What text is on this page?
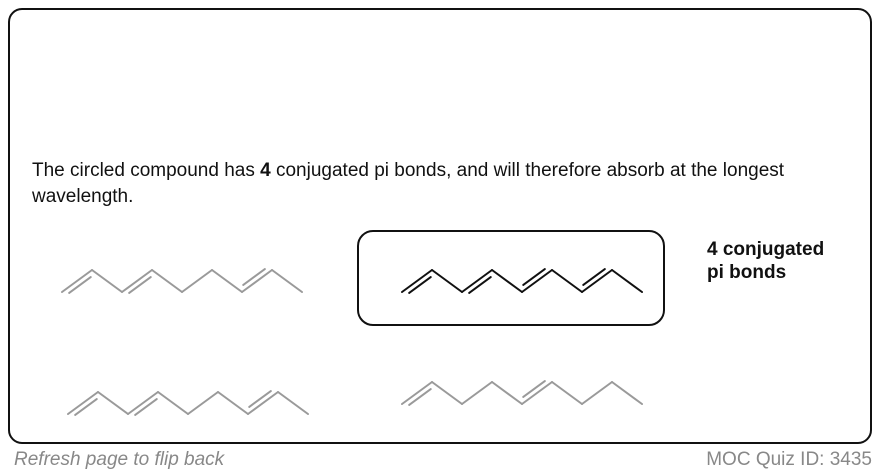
The circled compound has 4 conjugated pi bonds, and will therefore absorb at the longest wavelength.
4 conjugated
pi bonds
Refresh page to flip back	MOC Quiz ID: 3435
